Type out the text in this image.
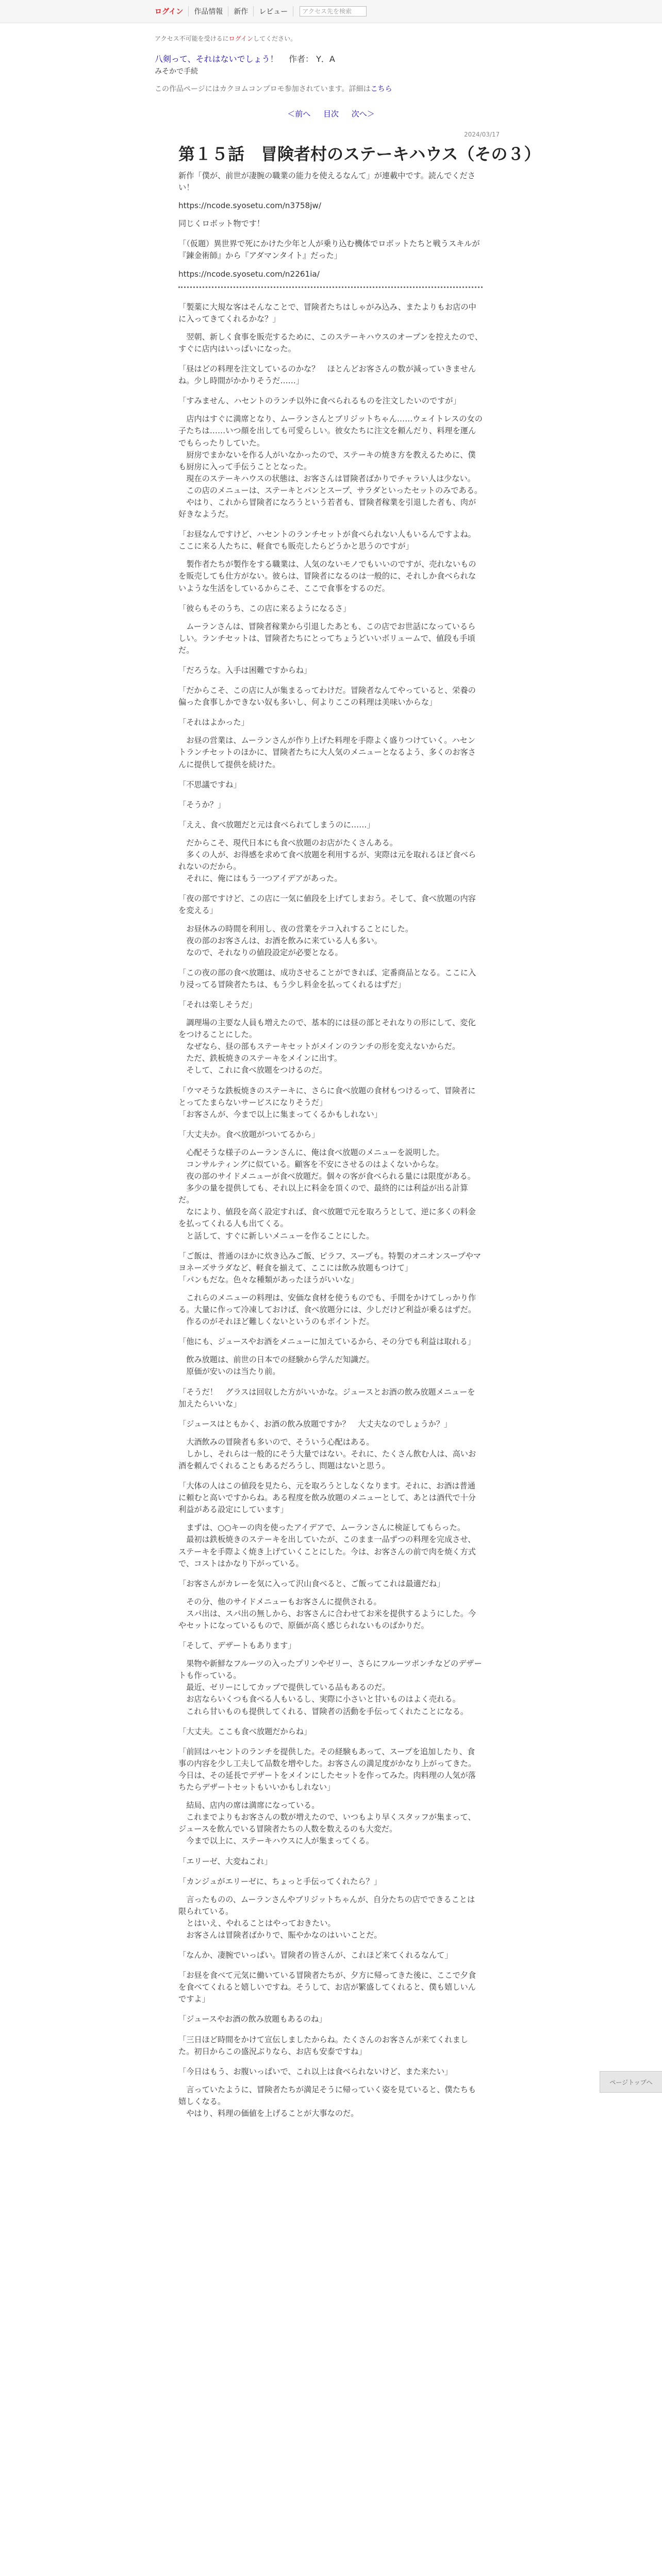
ログイン	作品情報	新作	レビュー	アクセス先を検索
アクセス不可能を受けるにログインしてください。
八剣って、それはないでしょう！ 作者： Y．A
みそかで手続
この作品ページにはカクヨムコンプロモ参加されています。詳細はこちら
＜前へ 目次 次へ＞
2024/03/17
第１５話　冒険者村のステーキハウス（その３）

新作「僕が、前世が凄腕の職業の能力を使えるなんて」が連載中です。読んでください！

https://ncode.syosetu.com/n3758jw/

同じくロボット物です！

「（仮題）異世界で死にかけた少年と人が乗り込む機体でロボットたちと戦うスキルが『錬金術師』から『アダマンタイト』だった」

https://ncode.syosetu.com/n2261ia/

「製薬に大規な客はそんなことで、冒険者たちはしゃがみ込み、またよりもお店の中に入ってきてくれるかな？」

　翌朝、新しく食事を販売するために、このステーキハウスのオープンを控えたので、すぐに店内はいっぱいになった。

「昼はどの料理を注文しているのかな？　ほとんどお客さんの数が減っていきませんね。少し時間がかかりそうだ……」

「すみません、ハセントのランチ以外に食べられるものを注文したいのですが」

　店内はすぐに満席となり、ムーランさんとブリジットちゃん……ウェイトレスの女の子たちは……いつ顔を出しても可愛らしい。彼女たちに注文を頼んだり、料理を運んでもらったりしていた。
　厨房でまかないを作る人がいなかったので、ステーキの焼き方を教えるために、僕も厨房に入って手伝うこととなった。
　現在のステーキハウスの状態は、お客さんは冒険者ばかりでチャラい人は少ない。
　この店のメニューは、ステーキとパンとスープ、サラダといったセットのみである。
　やはり、これから冒険者になろうという若者も、冒険者稼業を引退した者も、肉が好きなようだ。

「お昼なんですけど、ハセントのランチセットが食べられない人もいるんですよね。ここに来る人たちに、軽食でも販売したらどうかと思うのですが」

　製作者たちが製作をする職業は、人気のないモノでもいいのですが、売れないものを販売しても仕方がない。彼らは、冒険者になるのは一般的に、それしか食べられないような生活をしているからこそ、ここで食事をするのだ。

「彼らもそのうち、この店に来るようになるさ」

　ムーランさんは、冒険者稼業から引退したあとも、この店でお世話になっているらしい。ランチセットは、冒険者たちにとってちょうどいいボリュームで、値段も手頃だ。

「だろうな。入手は困難ですからね」

「だからこそ、この店に人が集まるってわけだ。冒険者なんてやっていると、栄養の偏った食事しかできない奴も多いし、何よりここの料理は美味いからな」

「それはよかった」

　お昼の営業は、ムーランさんが作り上げた料理を手際よく盛りつけていく。ハセントランチセットのほかに、冒険者たちに大人気のメニューとなるよう、多くのお客さんに提供して提供を続けた。

「不思議ですね」

「そうか？」

「ええ、食べ放題だと元は食べられてしまうのに……」

　だからこそ、現代日本にも食べ放題のお店がたくさんある。
　多くの人が、お得感を求めて食べ放題を利用するが、実際は元を取れるほど食べられないのだから。
　それに、俺にはもう一つアイデアがあった。

「夜の部ですけど、この店に一気に値段を上げてしまおう。そして、食べ放題の内容を変える」

　お昼休みの時間を利用し、夜の営業をテコ入れすることにした。
　夜の部のお客さんは、お酒を飲みに来ている人も多い。
　なので、それなりの値段設定が必要となる。

「この夜の部の食べ放題は、成功させることができれば、定番商品となる。ここに入り浸ってる冒険者たちは、もう少し料金を払ってくれるはずだ」

「それは楽しそうだ」

　調理場の主要な人員も増えたので、基本的には昼の部とそれなりの形にして、変化をつけることにした。
　なぜなら、昼の部もステーキセットがメインのランチの形を変えないからだ。
　ただ、鉄板焼きのステーキをメインに出す。
　そして、これに食べ放題をつけるのだ。

「ウマそうな鉄板焼きのステーキに、さらに食べ放題の食材もつけるって、冒険者にとってたまらないサービスになりそうだ」
「お客さんが、今まで以上に集まってくるかもしれない」

「大丈夫か。食べ放題がついてるから」

　心配そうな様子のムーランさんに、俺は食べ放題のメニューを説明した。
　コンサルティングに似ている。顧客を不安にさせるのはよくないからな。
　夜の部のサイドメニューが食べ放題だ。個々の客が食べられる量には限度がある。
　多少の量を提供しても、それ以上に料金を頂くので、最終的には利益が出る計算だ。
　なにより、値段を高く設定すれば、食べ放題で元を取ろうとして、逆に多くの料金を払ってくれる人も出てくる。
　と話して、すぐに新しいメニューを作ることにした。

「ご飯は、普通のほかに炊き込みご飯、ピラフ、スープも。特製のオニオンスープやマヨネーズサラダなど、軽食を揃えて、ここには飲み放題もつけて」
「パンもだな。色々な種類があったほうがいいな」

　これらのメニューの料理は、安価な食材を使うものでも、手間をかけてしっかり作る。大量に作って冷凍しておけば、食べ放題分には、少しだけど利益が乗るはずだ。
　作るのがそれほど難しくないというのもポイントだ。

「他にも、ジュースやお酒をメニューに加えているから、その分でも利益は取れる」

　飲み放題は、前世の日本での経験から学んだ知識だ。
　原価が安いのは当たり前。

「そうだ！　グラスは回収した方がいいかな。ジュースとお酒の飲み放題メニューを加えたらいいな」

「ジュースはともかく、お酒の飲み放題ですか？　大丈夫なのでしょうか？」

　大酒飲みの冒険者も多いので、そういう心配はある。
　しかし、それらは一般的にそう大量ではない。それに、たくさん飲む人は、高いお酒を頼んでくれることもあるだろうし、問題はないと思う。

「大体の人はこの値段を見たら、元を取ろうとしなくなります。それに、お酒は普通に頼むと高いですからね。ある程度を飲み放題のメニューとして、あとは酒代で十分利益がある設定にしています」

　まずは、○○キーの肉を使ったアイデアで、ムーランさんに検証してもらった。
　最初は鉄板焼きのステーキを出していたが、このまま一品ずつの料理を完成させ、ステーキを手際よく焼き上げていくことにした。今は、お客さんの前で肉を焼く方式で、コストはかなり下がっている。

「お客さんがカレーを気に入って沢山食べると、ご飯ってこれは最適だね」

　その分、他のサイドメニューもお客さんに提供される。
　スパ出は、スパ出の無しから、お客さんに合わせてお米を提供するようにした。今やセットになっているもので、原価が高く感じられないものばかりだ。

「そして、デザートもあります」

　果物や新鮮なフルーツの入ったプリンやゼリー、さらにフルーツポンチなどのデザートも作っている。
　最近、ゼリーにしてカップで提供している品もあるのだ。
　お店ならいくつも食べる人もいるし、実際に小さいと甘いものはよく売れる。
　これら甘いものも提供してくれる、冒険者の活動を手伝ってくれたことになる。

「大丈夫。ここも食べ放題だからね」

「前回はハセントのランチを提供した。その経験もあって、スープを追加したり、食事の内容を少し工夫して品数を増やした。お客さんの満足度がかなり上がってきた。今日は、その延長でデザートをメインにしたセットを作ってみた。肉料理の人気が落ちたらデザートセットもいいかもしれない」

　結局、店内の席は満席になっている。
　これまでよりもお客さんの数が増えたので、いつもより早くスタッフが集まって、ジュースを飲んでいる冒険者たちの人数を数えるのも大変だ。
　今まで以上に、ステーキハウスに人が集まってくる。

「エリーゼ、大変ねこれ」

「カンジュがエリーゼに、ちょっと手伝ってくれたら？」

　言ったものの、ムーランさんやブリジットちゃんが、自分たちの店でできることは限られている。
　とはいえ、やれることはやっておきたい。
　お客さんは冒険者ばかりで、賑やかなのはいいことだ。

「なんか、凄腕でいっぱい。冒険者の皆さんが、これほど来てくれるなんて」

「お昼を食べて元気に働いている冒険者たちが、夕方に帰ってきた後に、ここで夕食を食べてくれると嬉しいですね。そうして、お店が繁盛してくれると、僕も嬉しいんですよ」

「ジュースやお酒の飲み放題もあるのね」

「三日ほど時間をかけて宣伝しましたからね。たくさんのお客さんが来てくれました。初日からこの盛況ぶりなら、お店も安泰ですね」

「今日はもう、お腹いっぱいで、これ以上は食べられないけど、また来たい」

　言っていたように、冒険者たちが満足そうに帰っていく姿を見ていると、僕たちも嬉しくなる。
　やはり、料理の価値を上げることが大事なのだ。

ページトップへ
